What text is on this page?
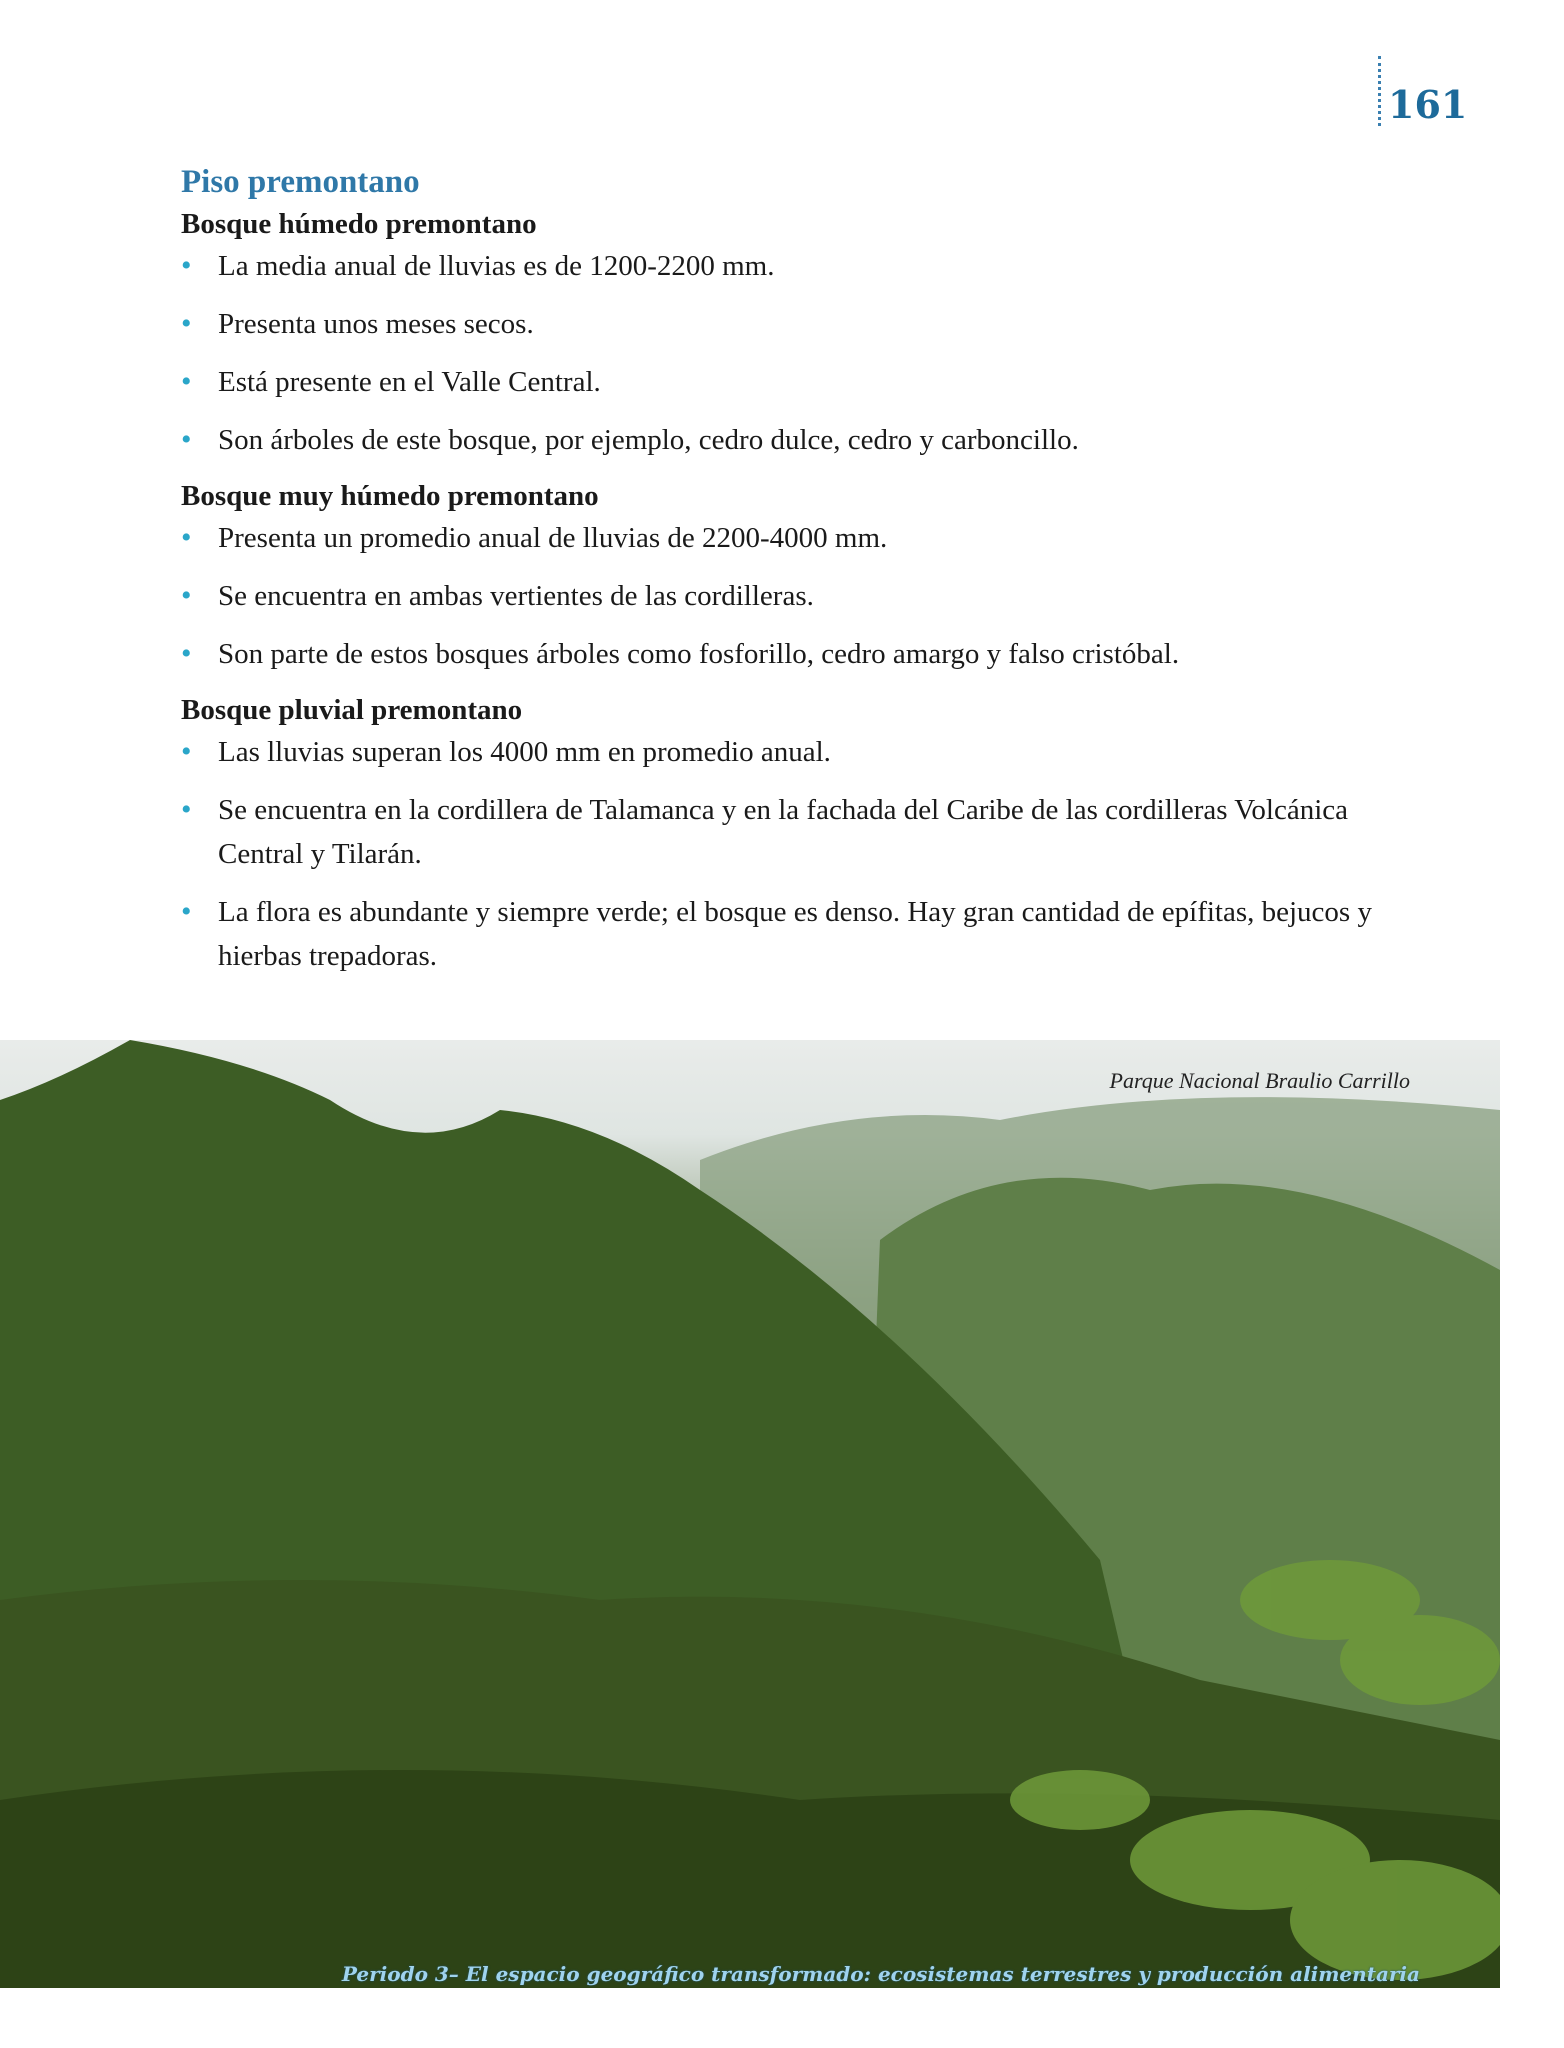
161
Piso premontano
Bosque húmedo premontano
• La media anual de lluvias es de 1200-2200 mm.
• Presenta unos meses secos.
• Está presente en el Valle Central.
• Son árboles de este bosque, por ejemplo, cedro dulce, cedro y carboncillo.
Bosque muy húmedo premontano
• Presenta un promedio anual de lluvias de 2200-4000 mm.
• Se encuentra en ambas vertientes de las cordilleras.
• Son parte de estos bosques árboles como fosforillo, cedro amargo y falso cristóbal.
Bosque pluvial premontano
• Las lluvias superan los 4000 mm en promedio anual.
• Se encuentra en la cordillera de Talamanca y en la fachada del Caribe de las cordilleras Volcánica Central y Tilarán.
• La flora es abundante y siempre verde; el bosque es denso. Hay gran cantidad de epífitas, bejucos y hierbas trepadoras.
Parque Nacional Braulio Carrillo
Periodo 3– El espacio geográfico transformado: ecosistemas terrestres y producción alimentaria
